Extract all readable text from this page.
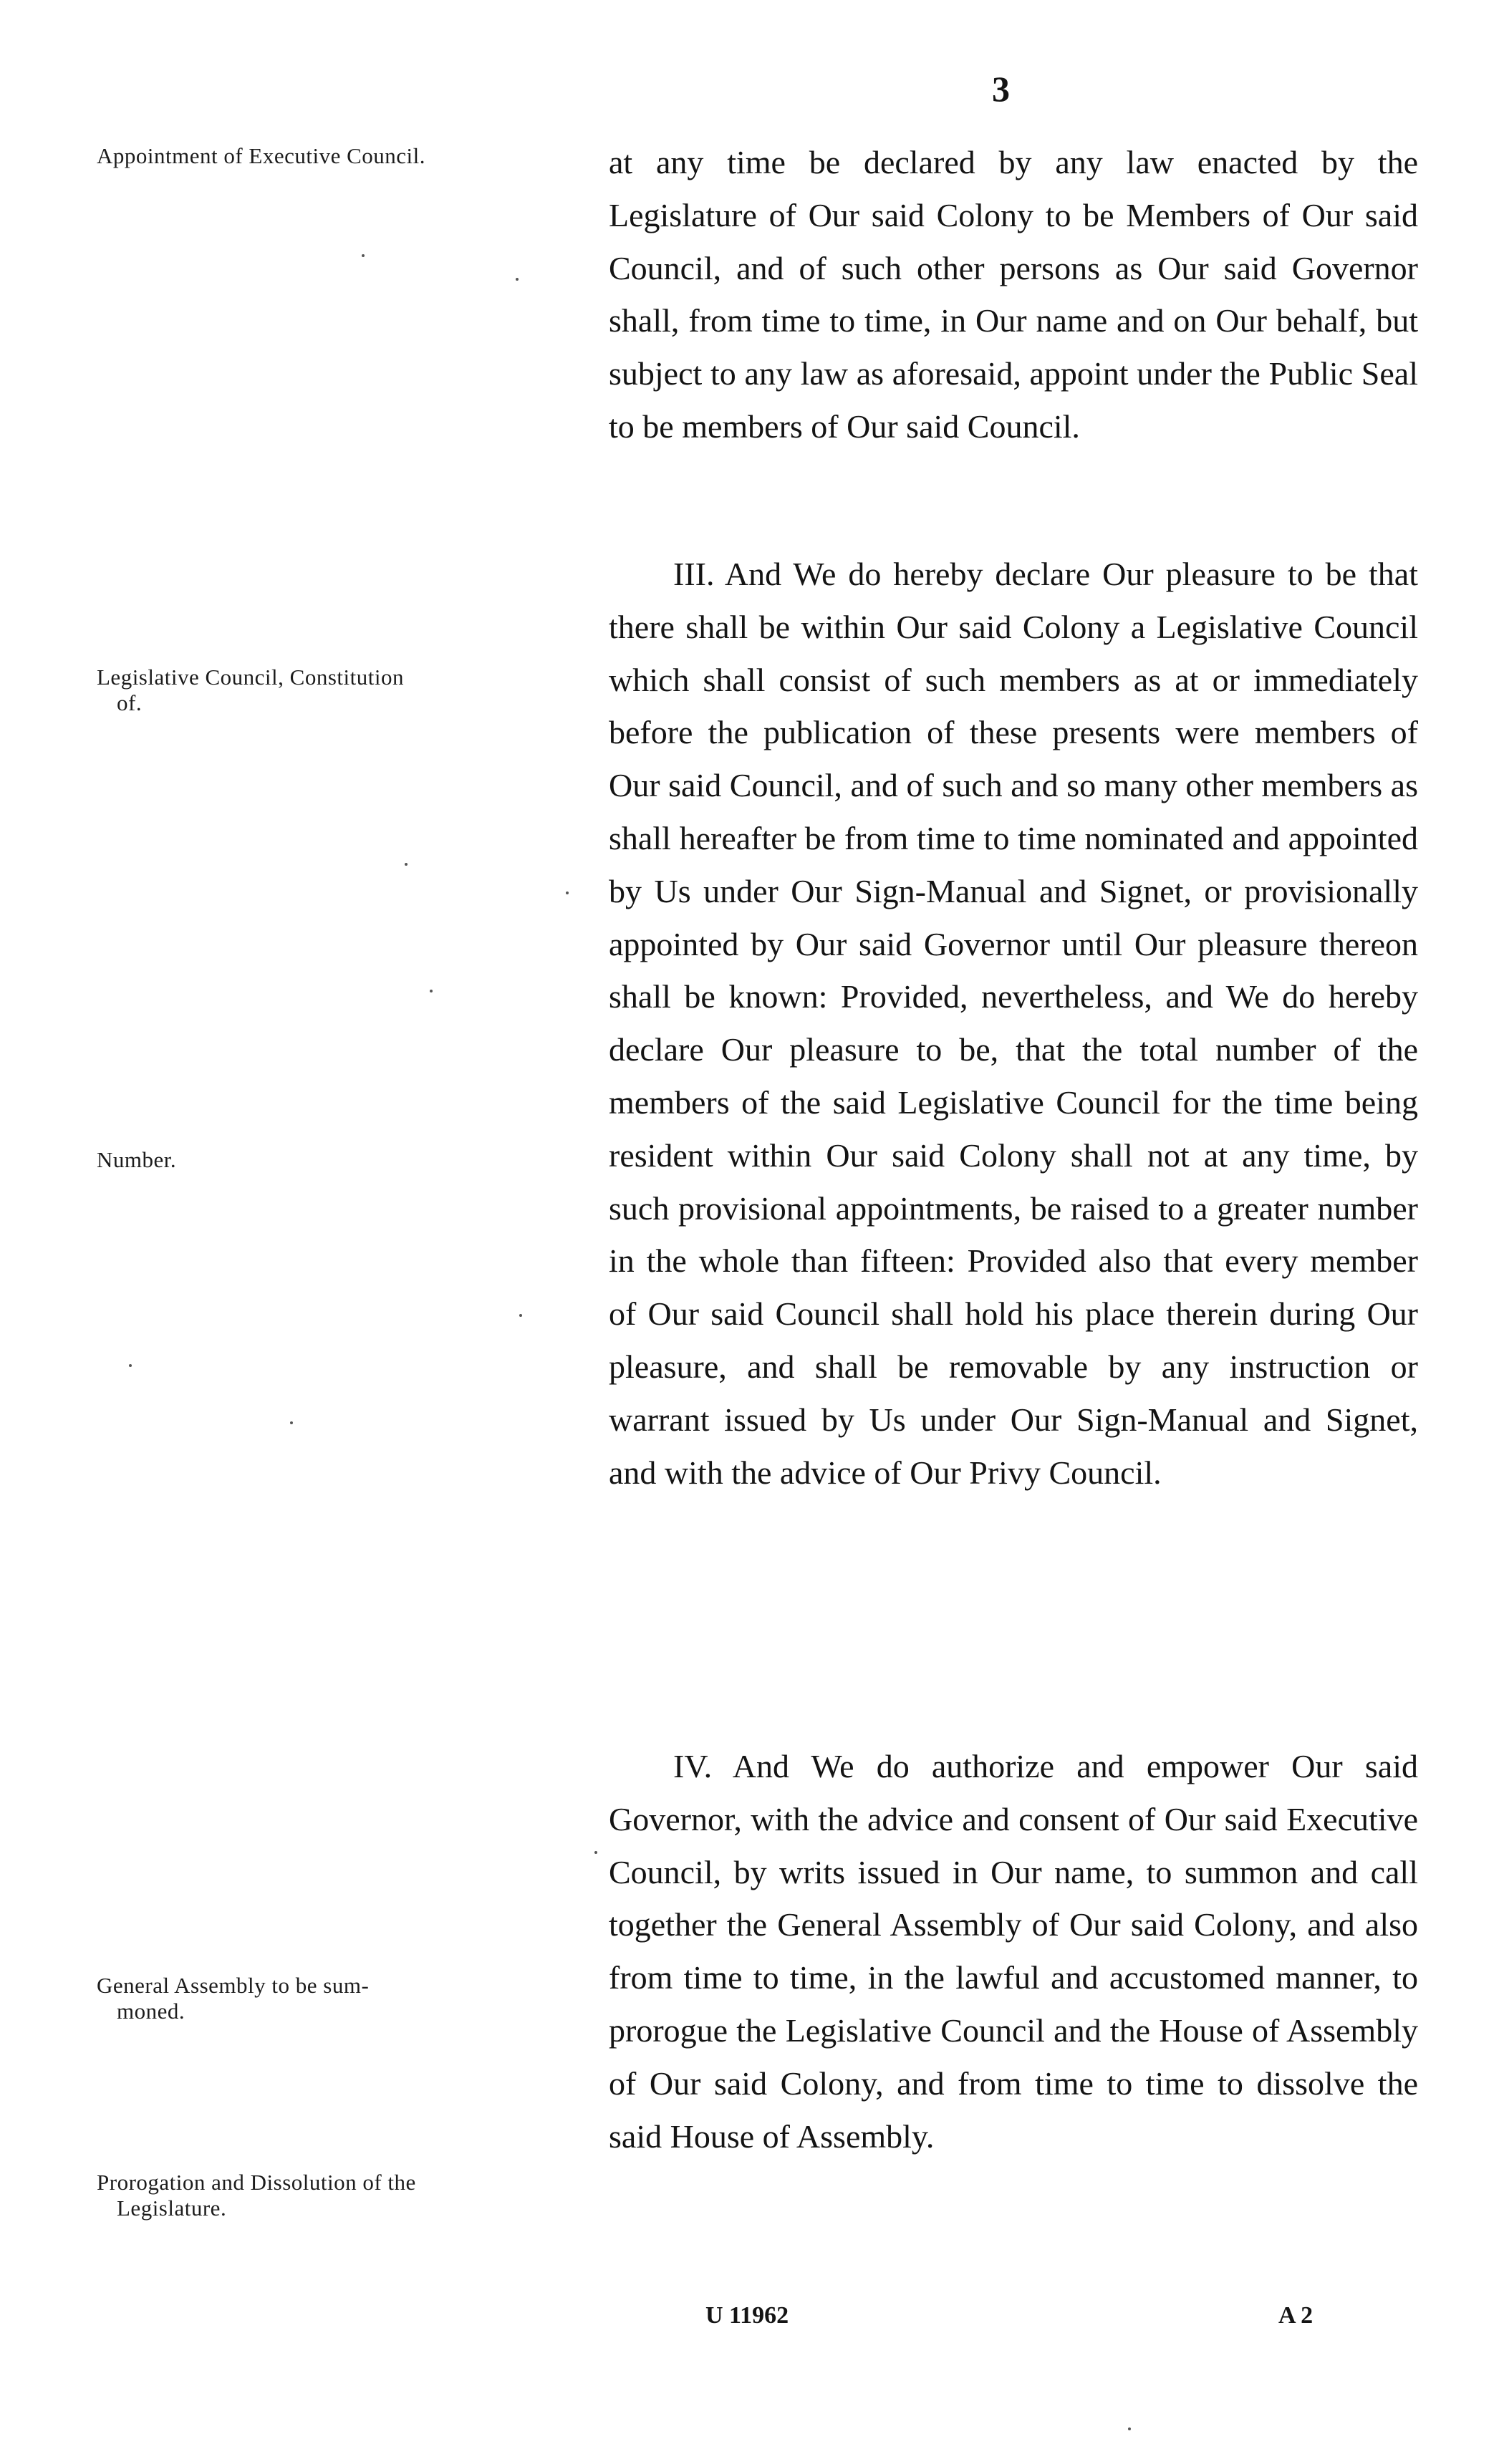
3
Appointment of Executive Council.
Legislative Council, Constitution
of.
Number.
General Assembly to be sum-
moned.
Prorogation and Dissolution of the
Legislature.

at any time be declared by any law enacted by the Legislature of Our said Colony to be Members of Our said Council, and of such other persons as Our said Governor shall, from time to time, in Our name and on Our behalf, but subject to any law as aforesaid, appoint under the Public Seal to be members of Our said Council.

III. And We do hereby declare Our pleasure to be that there shall be within Our said Colony a Legislative Council which shall consist of such members as at or immediately before the publication of these presents were members of Our said Council, and of such and so many other members as shall hereafter be from time to time nominated and appointed by Us under Our Sign-Manual and Signet, or provisionally appointed by Our said Governor until Our pleasure thereon shall be known: Provided, nevertheless, and We do hereby declare Our pleasure to be, that the total number of the members of the said Legislative Council for the time being resident within Our said Colony shall not at any time, by such provisional appointments, be raised to a greater number in the whole than fifteen: Provided also that every member of Our said Council shall hold his place therein during Our pleasure, and shall be removable by any instruction or warrant issued by Us under Our Sign-Manual and Signet, and with the advice of Our Privy Council.

IV. And We do authorize and empower Our said Governor, with the advice and consent of Our said Executive Council, by writs issued in Our name, to summon and call together the General Assembly of Our said Colony, and also from time to time, in the lawful and accustomed manner, to prorogue the Legislative Council and the House of Assembly of Our said Colony, and from time to time to dissolve the said House of Assembly.

U 11962	A 2
